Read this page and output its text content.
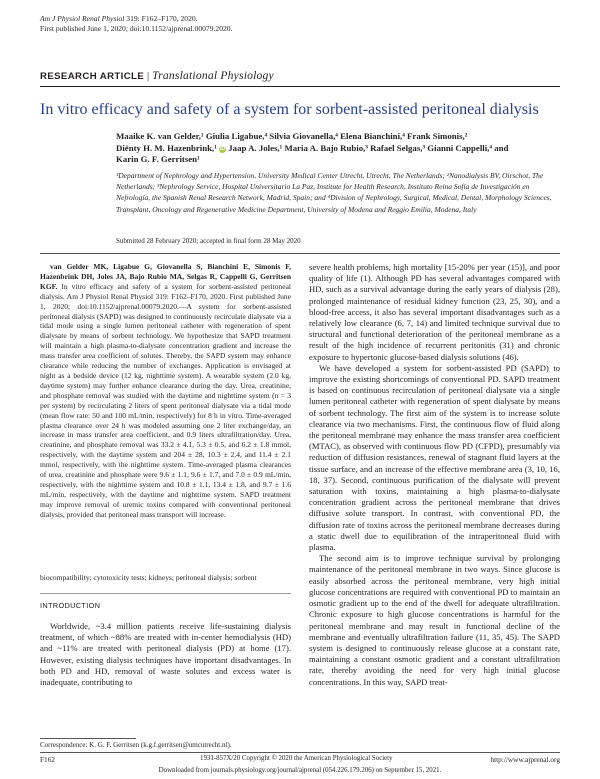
Am J Physiol Renal Physiol 319: F162–F170, 2020.
First published June 1, 2020; doi:10.1152/ajprenal.00079.2020.
RESEARCH ARTICLE | Translational Physiology
In vitro efficacy and safety of a system for sorbent-assisted peritoneal dialysis
Maaike K. van Gelder,¹ Giulia Ligabue,⁴ Silvia Giovanella,⁴ Elena Bianchini,⁴ Frank Simonis,²
Diënty H. M. Hazenbrink,¹ iD Jaap A. Joles,¹ Maria A. Bajo Rubio,³ Rafael Selgas,³ Gianni Cappelli,⁴ and
Karin G. F. Gerritsen¹
¹Department of Nephrology and Hypertension, University Medical Center Utrecht, Utrecht, The Netherlands; ²Nanodialysis BV, Oirschot, The Netherlands; ³Nephrology Service, Hospital Universitario La Paz, Institute for Health Research, Instituto Reina Sofía de Investigación en Nefrología, the Spanish Renal Research Network, Madrid, Spain; and ⁴Division of Nephrology, Surgical, Medical, Dental, Morphology Sciences, Transplant, Oncology and Regenerative Medicine Department, University of Modena and Reggio Emilia, Modena, Italy
Submitted 28 February 2020; accepted in final form 28 May 2020

van Gelder MK, Ligabue G, Giovanella S, Bianchini E, Simonis F, Hazenbrink DH, Joles JA, Bajo Rubio MA, Selgas R, Cappelli G, Gerritsen KGF. In vitro efficacy and safety of a system for sorbent-assisted peritoneal dialysis. Am J Physiol Renal Physiol 319: F162–F170, 2020. First published June 1, 2020; doi:10.1152/ajprenal.00079.2020.—A system for sorbent-assisted peritoneal dialysis (SAPD) was designed to continuously recirculate dialysate via a tidal mode using a single lumen peritoneal catheter with regeneration of spent dialysate by means of sorbent technology. We hypothesize that SAPD treatment will maintain a high plasma-to-dialysate concentration gradient and increase the mass transfer area coefficient of solutes. Thereby, the SAPD system may enhance clearance while reducing the number of exchanges. Application is envisaged at night as a bedside device (12 kg, nighttime system). A wearable system (2.0 kg, daytime system) may further enhance clearance during the day. Urea, creatinine, and phosphate removal was studied with the daytime and nighttime system (n = 3 per system) by recirculating 2 liters of spent peritoneal dialysate via a tidal mode (mean flow rate: 50 and 100 mL/min, respectively) for 8 h in vitro. Time-averaged plasma clearance over 24 h was modeled assuming one 2 liter exchange/day, an increase in mass transfer area coefficient, and 0.9 liters ultrafiltration/day. Urea, creatinine, and phosphate removal was 33.2 ± 4.1, 5.3 ± 0.5, and 6.2 ± 1.8 mmol, respectively, with the daytime system and 204 ± 28, 10.3 ± 2.4, and 11.4 ± 2.1 mmol, respectively, with the nighttime system. Time-averaged plasma clearances of urea, creatinine and phosphate were 9.6 ± 1.1, 9.6 ± 1.7, and 7.0 ± 0.9 mL/min, respectively, with the nighttime system and 10.8 ± 1.1, 13.4 ± 1.8, and 9.7 ± 1.6 mL/min, respectively, with the daytime and nighttime system. SAPD treatment may improve removal of uremic toxins compared with conventional peritoneal dialysis, provided that peritoneal mass transport will increase.

biocompatibility; cytotoxicity tests; kidneys; peritoneal dialysis; sorbent
INTRODUCTION

Worldwide, ~3.4 million patients receive life-sustaining dialysis treatment, of which ~88% are treated with in-center hemodialysis (HD) and ~11% are treated with peritoneal dialysis (PD) at home (17). However, existing dialysis techniques have important disadvantages. In both PD and HD, removal of waste solutes and excess water is inadequate, contributing to

severe health problems, high mortality [15-20% per year (15)], and poor quality of life (1). Although PD has several advantages compared with HD, such as a survival advantage during the early years of dialysis (28), prolonged maintenance of residual kidney function (23, 25, 30), and a blood-free access, it also has several important disadvantages such as a relatively low clearance (6, 7, 14) and limited technique survival due to structural and functional deterioration of the peritoneal membrane as a result of the high incidence of recurrent peritonitis (31) and chronic exposure to hypertonic glucose-based dialysis solutions (46).

We have developed a system for sorbent-assisted PD (SAPD) to improve the existing shortcomings of conventional PD. SAPD treatment is based on continuous recirculation of peritoneal dialysate via a single lumen peritoneal catheter with regeneration of spent dialysate by means of sorbent technology. The first aim of the system is to increase solute clearance via two mechanisms. First, the continuous flow of fluid along the peritoneal membrane may enhance the mass transfer area coefficient (MTAC), as observed with continuous flow PD (CFPD), presumably via reduction of diffusion resistances, renewal of stagnant fluid layers at the tissue surface, and an increase of the effective membrane area (3, 10, 16, 18, 37). Second, continuous purification of the dialysate will prevent saturation with toxins, maintaining a high plasma-to-dialysate concentration gradient across the peritoneal membrane that drives diffusive solute transport. In contrast, with conventional PD, the diffusion rate of toxins across the peritoneal membrane decreases during a static dwell due to equilibration of the intraperitoneal fluid with plasma.

The second aim is to improve technique survival by prolonging maintenance of the peritoneal membrane in two ways. Since glucose is easily absorbed across the peritoneal membrane, very high initial glucose concentrations are required with conventional PD to maintain an osmotic gradient up to the end of the dwell for adequate ultrafiltration. Chronic exposure to high glucose concentrations is harmful for the peritoneal membrane and may result in functional decline of the membrane and eventually ultrafiltration failure (11, 35, 45). The SAPD system is designed to continuously release glucose at a constant rate, maintaining a constant osmotic gradient and a constant ultrafiltration rate, thereby avoiding the need for very high initial glucose concentrations. In this way, SAPD treat-

Correspondence: K. G. F. Gerritsen (k.g.f.gerritsen@umcutrecht.nl).
F162	1931-857X/20 Copyright © 2020 the American Physiological Society	http://www.ajprenal.org
Downloaded from journals.physiology.org/journal/ajprenal (054.226.179.206) on September 15, 2021.
